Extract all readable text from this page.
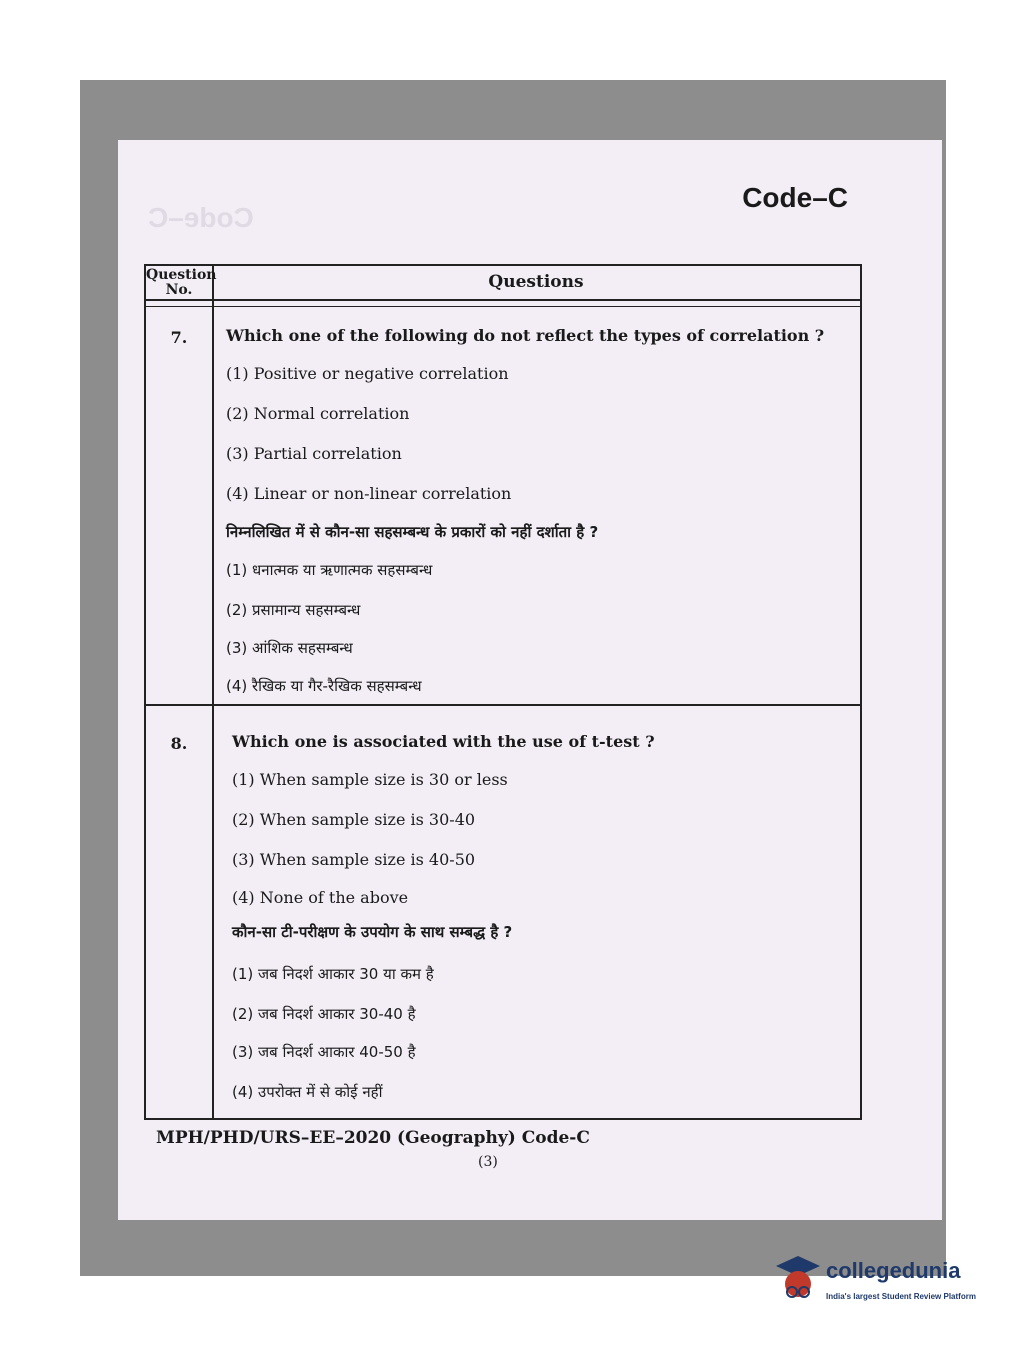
Code–C
Code–C
Question No.	Questions
7.	Which one of the following do not reflect the types of correlation ?
(1) Positive or negative correlation
(2) Normal correlation
(3) Partial correlation
(4) Linear or non-linear correlation
निम्नलिखित में से कौन-सा सहसम्बन्ध के प्रकारों को नहीं दर्शाता है ?
(1) धनात्मक या ऋणात्मक सहसम्बन्ध
(2) प्रसामान्य सहसम्बन्ध
(3) आंशिक सहसम्बन्ध
(4) रैखिक या गैर-रैखिक सहसम्बन्ध
8.	Which one is associated with the use of t-test ?
(1) When sample size is 30 or less
(2) When sample size is 30-40
(3) When sample size is 40-50
(4) None of the above
कौन-सा टी-परीक्षण के उपयोग के साथ सम्बद्ध है ?
(1) जब निदर्श आकार 30 या कम है
(2) जब निदर्श आकार 30-40 है
(3) जब निदर्श आकार 40-50 है
(4) उपरोक्त में से कोई नहीं
MPH/PHD/URS–EE–2020 (Geography) Code-C
(3)
collegedunia
India's largest Student Review Platform
